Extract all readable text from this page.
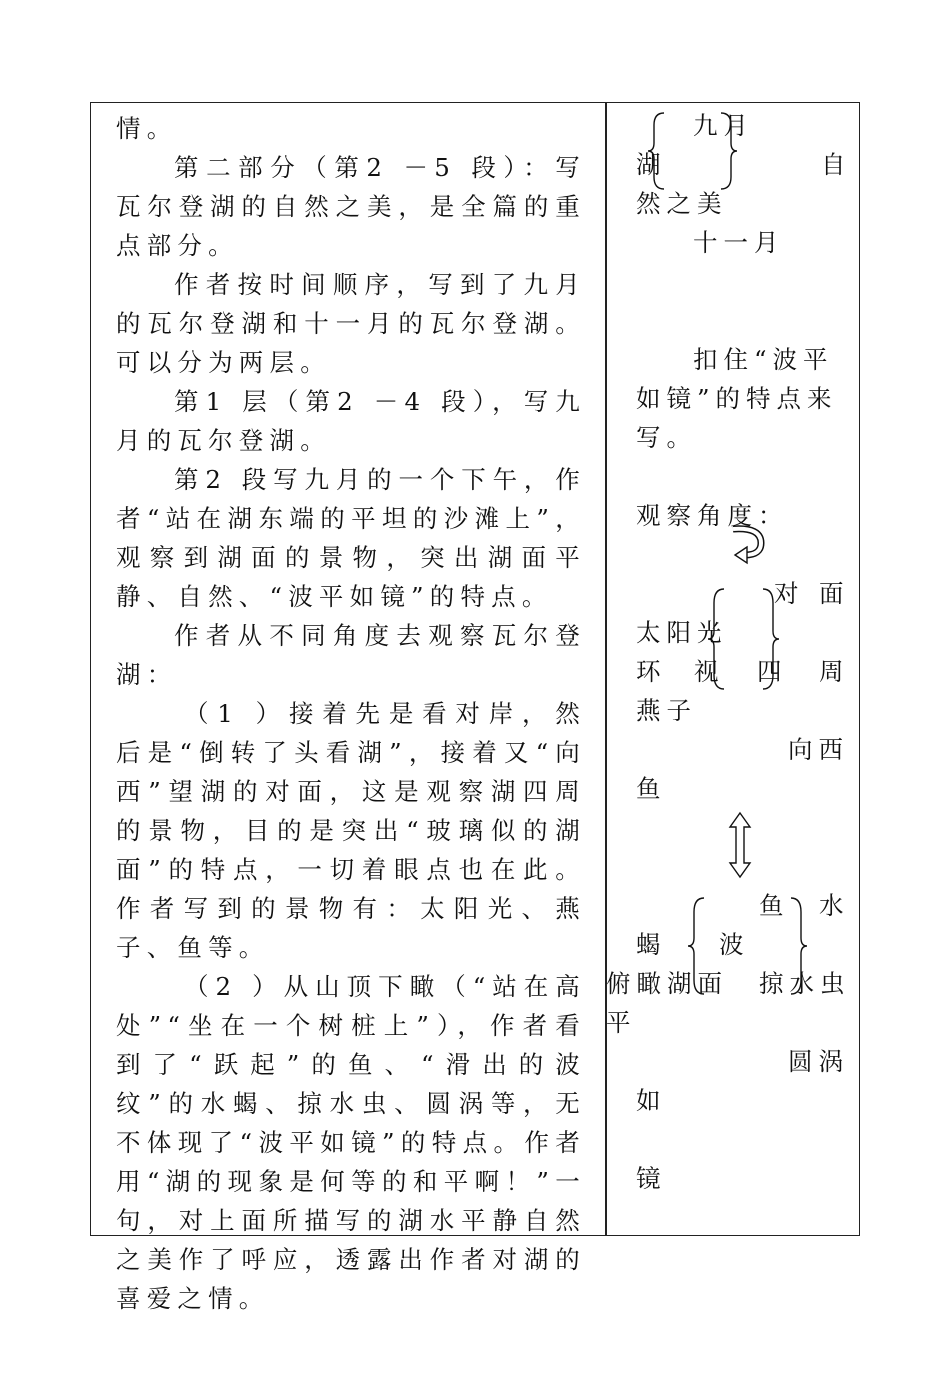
情。

第二部分（第2 －5 段）：写瓦尔登湖的自然之美，是全篇的重点部分。

作者按时间顺序，写到了九月的瓦尔登湖和十一月的瓦尔登湖。可以分为两层。

第1 层（第2 －4 段），写九月的瓦尔登湖。

第2 段写九月的一个下午，作者“站在湖东端的平坦的沙滩上”，观察到湖面的景物，突出湖面平静、自然、“波平如镜”的特点。

作者从不同角度去观察瓦尔登湖：

（1 ）接着先是看对岸，然后是“倒转了头看湖”，接着又“向西”望湖的对面，这是观察湖四周的景物，目的是突出“玻璃似的湖面”的特点，一切着眼点也在此。作者写到的景物有：太阳光、燕子、鱼等。

（2 ）从山顶下瞰（“站在高处”“坐在一个树桩上”），作者看到了“跃起”的鱼、“滑出的波纹”的水蝎、掠水虫、圆涡等，无不体现了“波平如镜”的特点。作者用“湖的现象是何等的和平啊！”一句，对上面所描写的湖水平静自然之美作了呼应，透露出作者对湖的喜爱之情。

九月
湖	自
然之美
十一月
扣住“波平
如镜”的特点来
写。
观察角度：
对 面
太阳光
环 视 四 周
燕子
向西
鱼
鱼 水
蝎 波
俯瞰湖面 掠水虫
平
圆涡
如
镜
